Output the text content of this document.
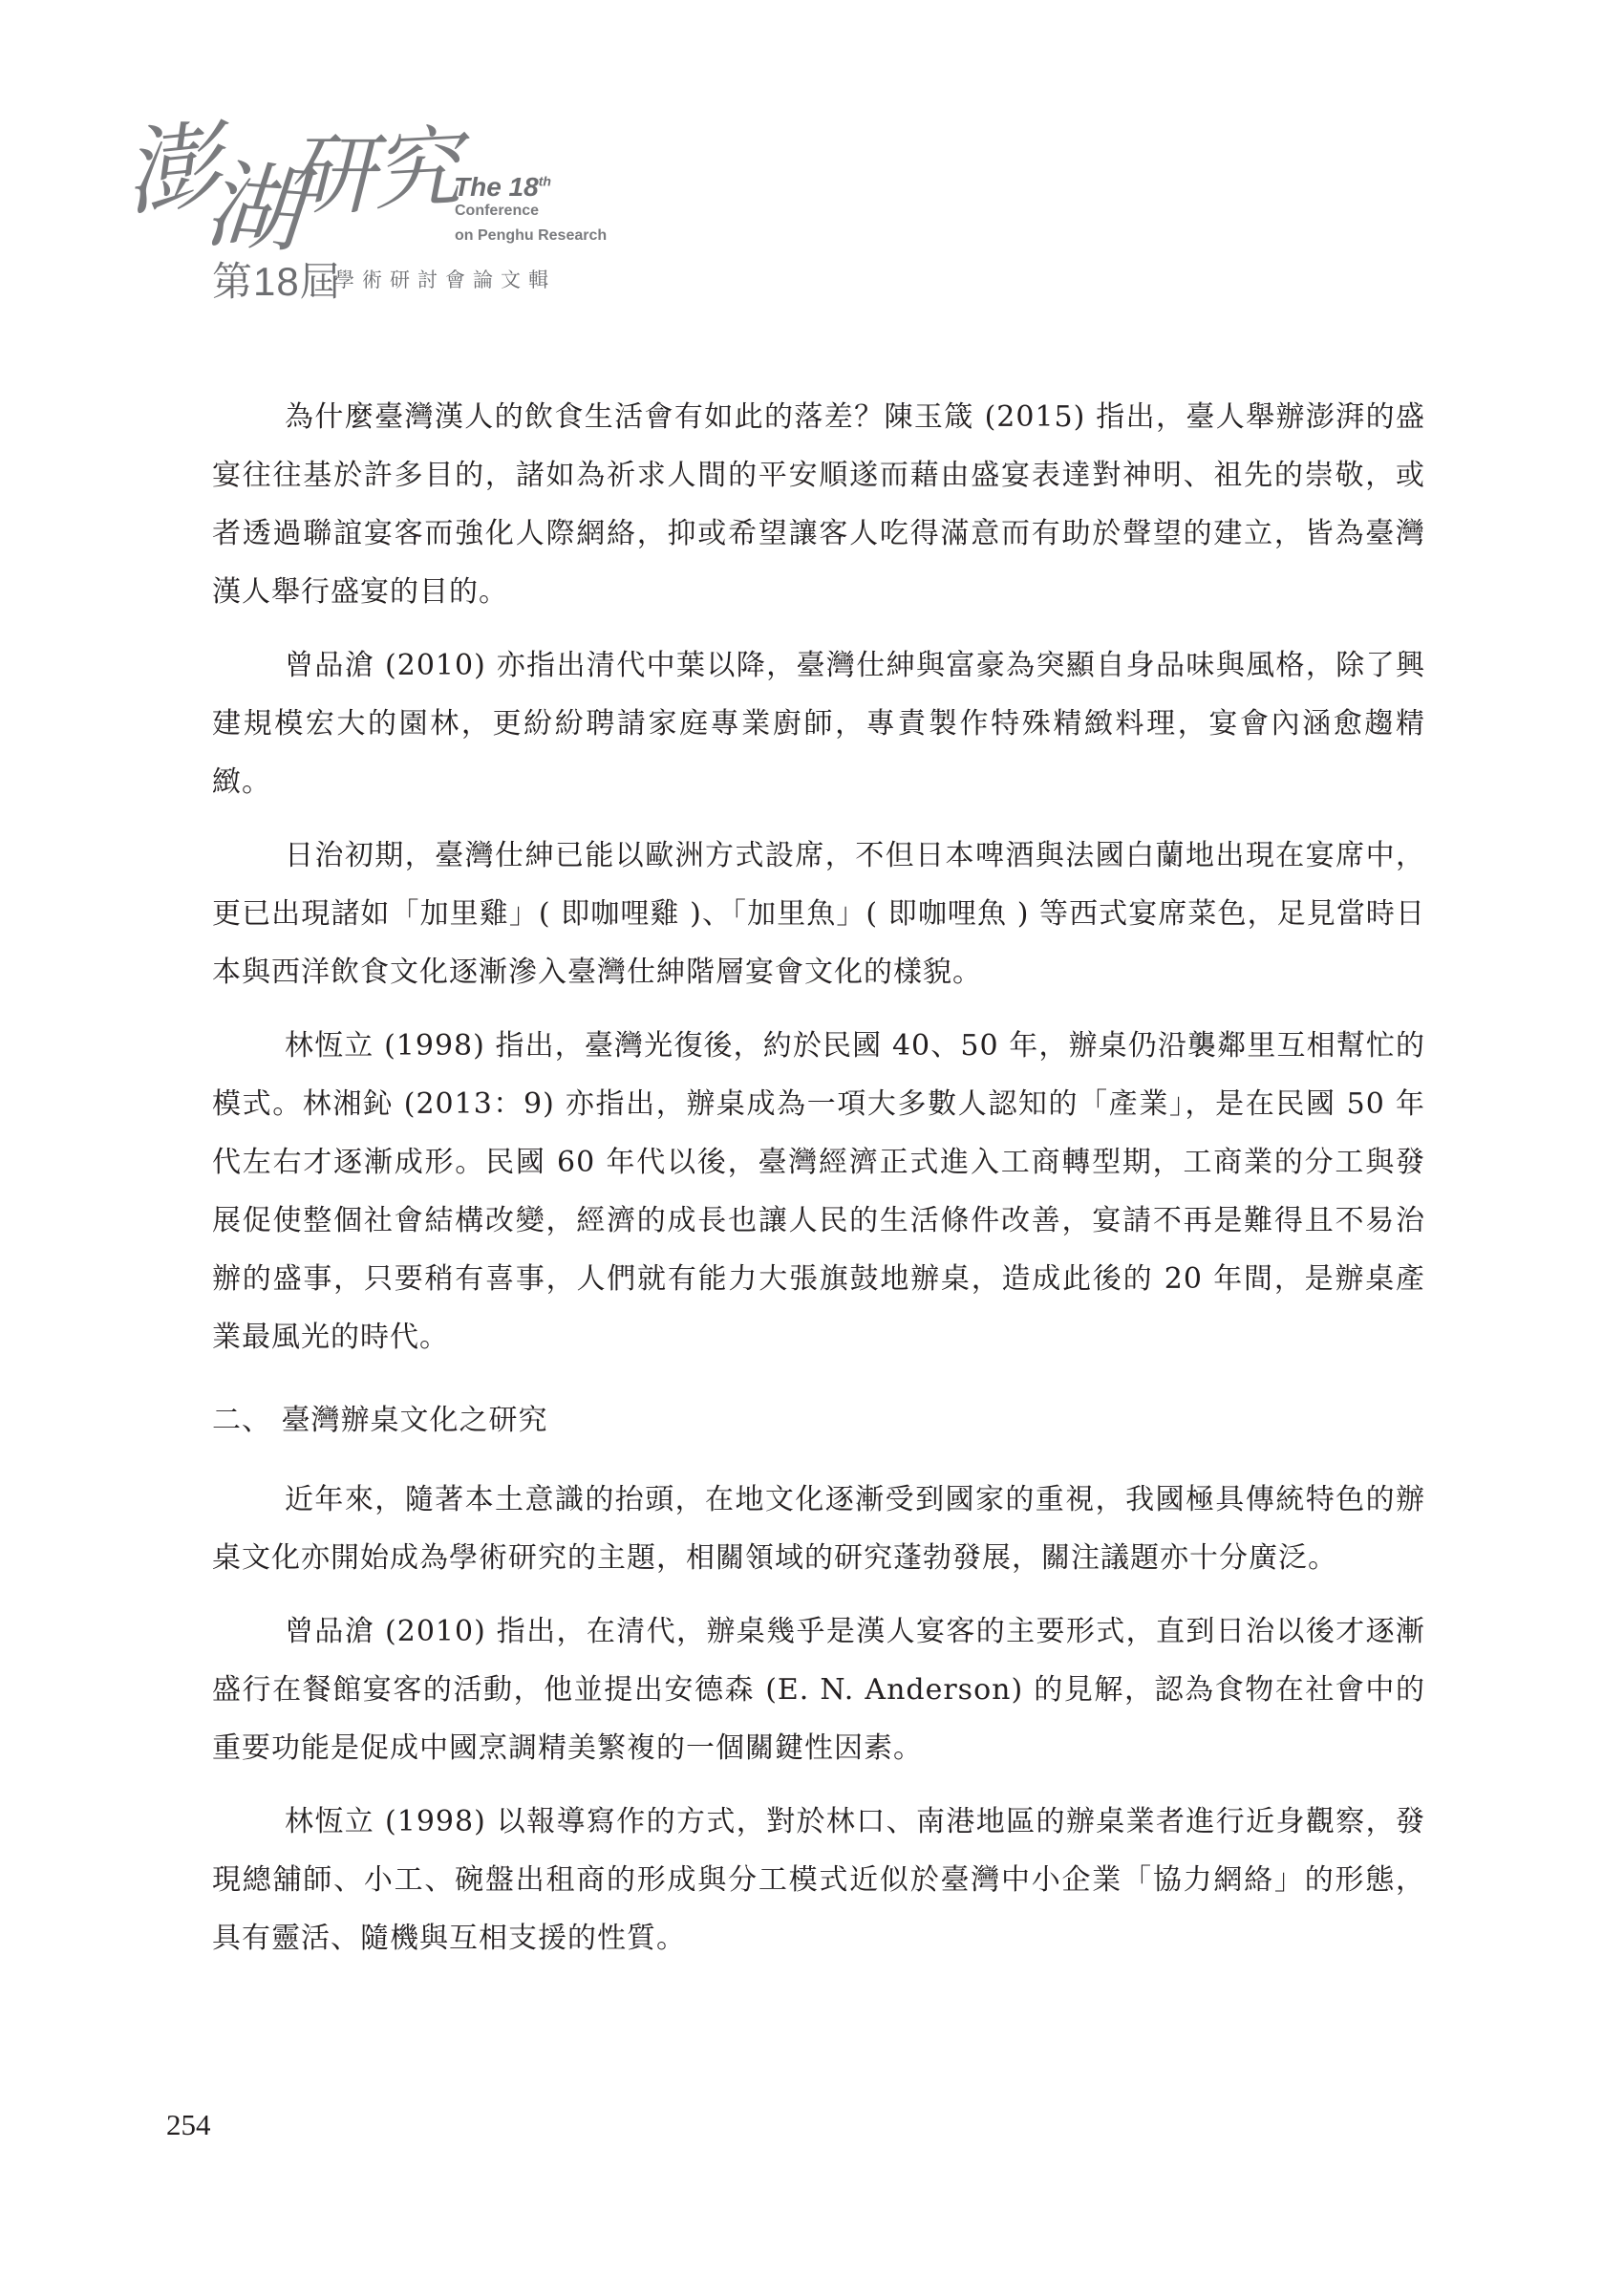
澎
湖
研
究
The 18th
Conference
on Penghu Research
第18屆
學術研討會論文輯

為什麼臺灣漢人的飲食生活會有如此的落差？陳玉箴 (2015) 指出，臺人舉辦澎湃的盛宴往往基於許多目的，諸如為祈求人間的平安順遂而藉由盛宴表達對神明、祖先的崇敬，或者透過聯誼宴客而強化人際網絡，抑或希望讓客人吃得滿意而有助於聲望的建立，皆為臺灣漢人舉行盛宴的目的。

曾品滄 (2010) 亦指出清代中葉以降，臺灣仕紳與富豪為突顯自身品味與風格，除了興建規模宏大的園林，更紛紛聘請家庭專業廚師，專責製作特殊精緻料理，宴會內涵愈趨精緻。

日治初期，臺灣仕紳已能以歐洲方式設席，不但日本啤酒與法國白蘭地出現在宴席中，更已出現諸如「加里雞」( 即咖哩雞 )、「加里魚」( 即咖哩魚 ) 等西式宴席菜色，足見當時日本與西洋飲食文化逐漸滲入臺灣仕紳階層宴會文化的樣貌。

林恆立 (1998) 指出，臺灣光復後，約於民國 40、50 年，辦桌仍沿襲鄰里互相幫忙的模式。林湘鈊 (2013：9) 亦指出，辦桌成為一項大多數人認知的「產業」，是在民國 50 年代左右才逐漸成形。民國 60 年代以後，臺灣經濟正式進入工商轉型期，工商業的分工與發展促使整個社會結構改變，經濟的成長也讓人民的生活條件改善，宴請不再是難得且不易治辦的盛事，只要稍有喜事，人們就有能力大張旗鼓地辦桌，造成此後的 20 年間，是辦桌產業最風光的時代。

二、 臺灣辦桌文化之研究

近年來，隨著本土意識的抬頭，在地文化逐漸受到國家的重視，我國極具傳統特色的辦桌文化亦開始成為學術研究的主題，相關領域的研究蓬勃發展，關注議題亦十分廣泛。

曾品滄 (2010) 指出，在清代，辦桌幾乎是漢人宴客的主要形式，直到日治以後才逐漸盛行在餐館宴客的活動，他並提出安德森 (E. N. Anderson) 的見解，認為食物在社會中的重要功能是促成中國烹調精美繁複的一個關鍵性因素。

林恆立 (1998) 以報導寫作的方式，對於林口、南港地區的辦桌業者進行近身觀察，發現總舖師、小工、碗盤出租商的形成與分工模式近似於臺灣中小企業「協力網絡」的形態，具有靈活、隨機與互相支援的性質。

254
